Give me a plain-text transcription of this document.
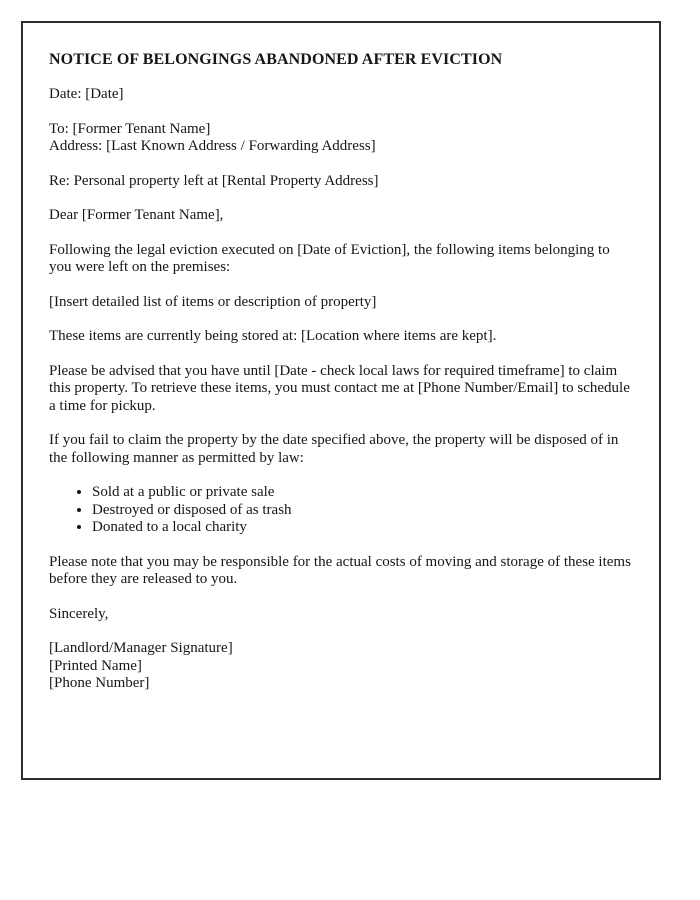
NOTICE OF BELONGINGS ABANDONED AFTER EVICTION

Date: [Date]

To: [Former Tenant Name]
Address: [Last Known Address / Forwarding Address]

Re: Personal property left at [Rental Property Address]

Dear [Former Tenant Name],

Following the legal eviction executed on [Date of Eviction], the following items belonging to you were left on the premises:

[Insert detailed list of items or description of property]

These items are currently being stored at: [Location where items are kept].

Please be advised that you have until [Date - check local laws for required timeframe] to claim this property. To retrieve these items, you must contact me at [Phone Number/Email] to schedule a time for pickup.

If you fail to claim the property by the date specified above, the property will be disposed of in the following manner as permitted by law:

• Sold at a public or private sale
• Destroyed or disposed of as trash
• Donated to a local charity

Please note that you may be responsible for the actual costs of moving and storage of these items before they are released to you.

Sincerely,

[Landlord/Manager Signature]
[Printed Name]
[Phone Number]
